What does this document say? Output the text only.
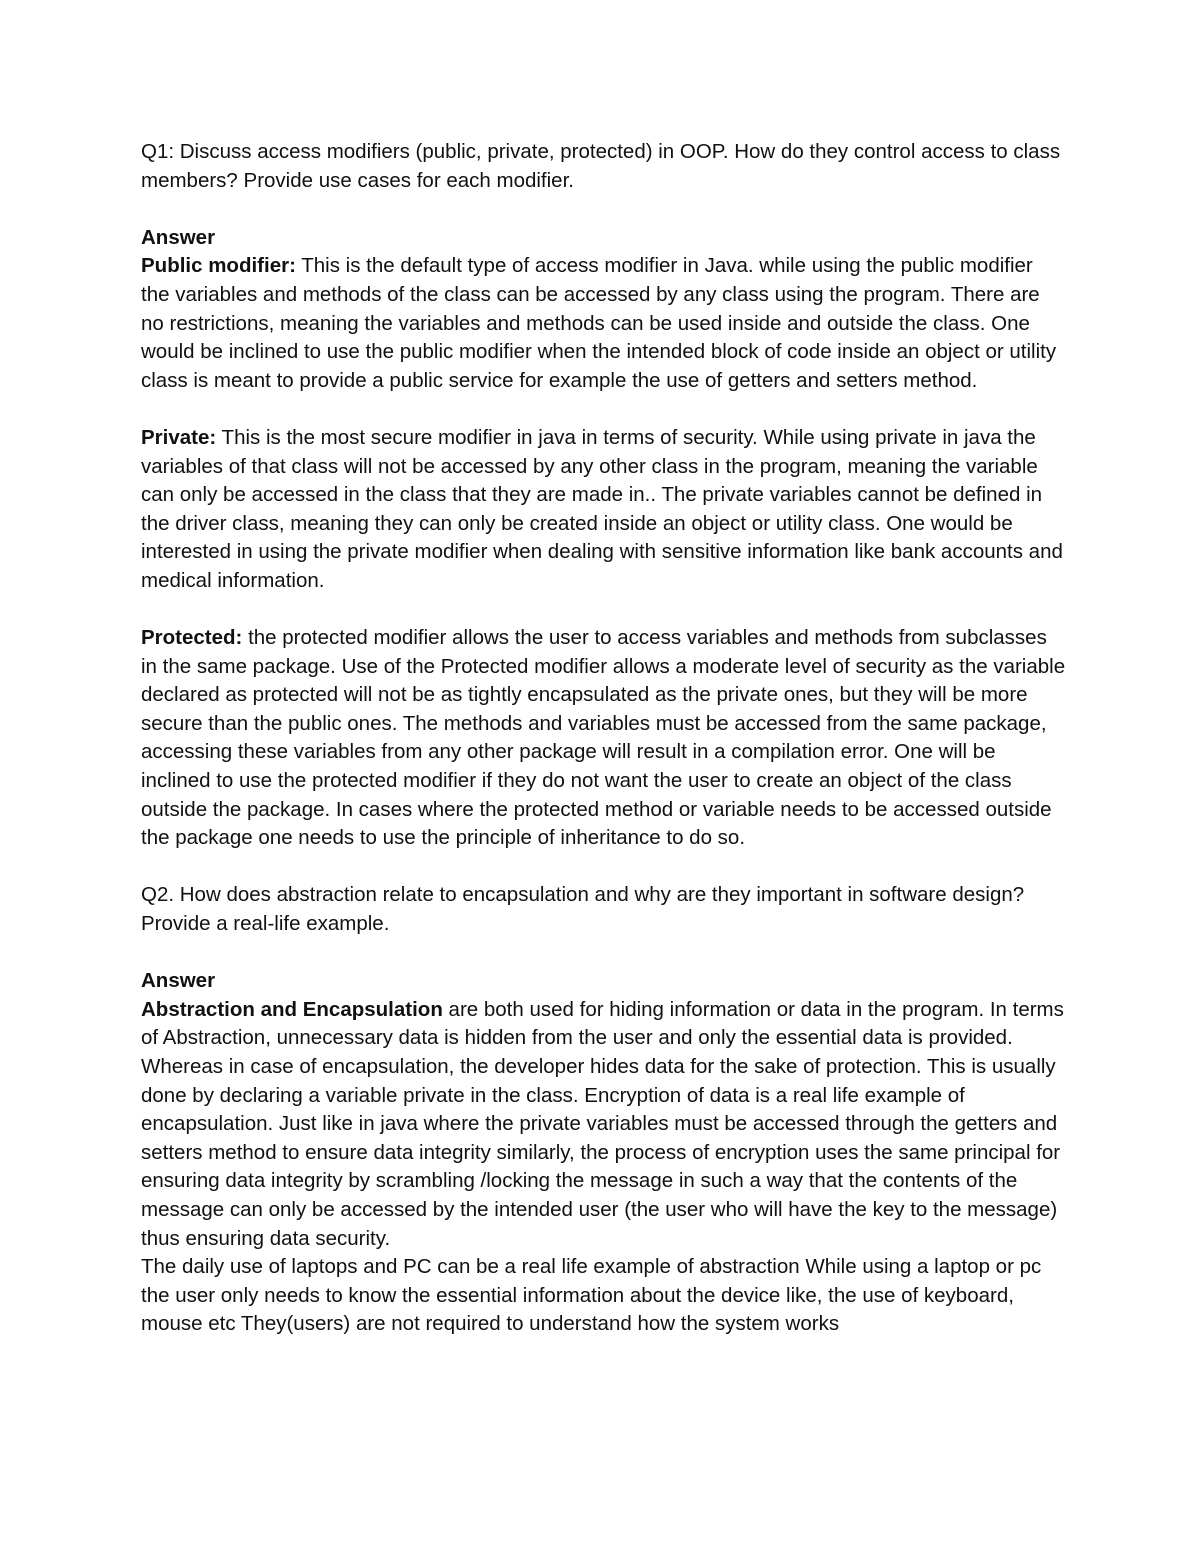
Q1: Discuss access modifiers (public, private, protected) in OOP. How do they control access to class members? Provide use cases for each modifier.

Answer

Public modifier: This is the default type of access modifier in Java. while using the public modifier the variables and methods of the class can be accessed by any class using the program. There are no restrictions, meaning the variables and methods can be used inside and outside the class. One would be inclined to use the public modifier when the intended block of code inside an object or utility class is meant to provide a public service for example the use of getters and setters method.

Private: This is the most secure modifier in java in terms of security. While using private in java the variables of that class will not be accessed by any other class in the program, meaning the variable can only be accessed in the class that they are made in.. The private variables cannot be defined in the driver class, meaning they can only be created inside an object or utility class. One would be interested in using the private modifier when dealing with sensitive information like bank accounts and medical information.

Protected: the protected modifier allows the user to access variables and methods from subclasses in the same package. Use of the Protected modifier allows a moderate level of security as the variable declared as protected will not be as tightly encapsulated as the private ones, but they will be more secure than the public ones. The methods and variables must be accessed from the same package, accessing these variables from any other package will result in a compilation error. One will be inclined to use the protected modifier if they do not want the user to create an object of the class outside the package. In cases where the protected method or variable needs to be accessed outside the package one needs to use the principle of inheritance to do so.

Q2. How does abstraction relate to encapsulation and why are they important in software design? Provide a real-life example.

Answer

Abstraction and Encapsulation are both used for hiding information or data in the program. In terms of Abstraction, unnecessary data is hidden from the user and only the essential data is provided. Whereas in case of encapsulation, the developer hides data for the sake of protection. This is usually done by declaring a variable private in the class. Encryption of data is a real life example of encapsulation. Just like in java where the private variables must be accessed through the getters and setters method to ensure data integrity similarly, the process of encryption uses the same principal for ensuring data integrity by scrambling /locking the message in such a way that the contents of the message can only be accessed by the intended user (the user who will have the key to the message) thus ensuring data security.

The daily use of laptops and PC can be a real life example of abstraction While using a laptop or pc the user only needs to know the essential information about the device like, the use of keyboard, mouse etc They(users) are not required to understand how the system works
